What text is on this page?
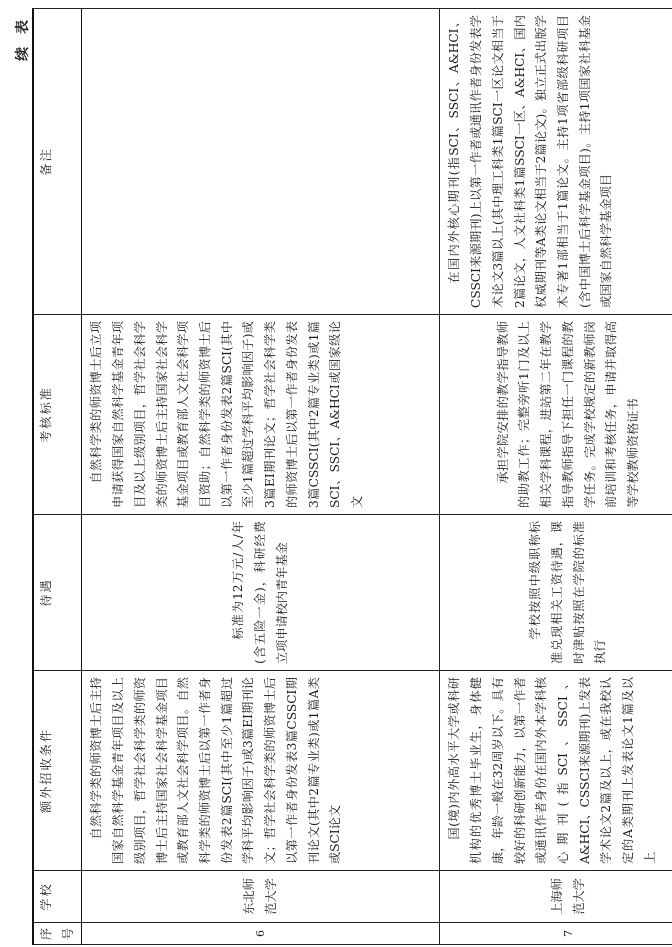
续 表
序号	学校	额外招收条件	待遇	考核标准	备注
6	东北师范大学	自然科学类的师资博士后主持国家自然科学基金青年项目及以上级别项目，哲学社会科学类的师资博士后主持国家社会科学基金项目或教育部人文社会科学项目。自然科学类的师资博士后以第一作者身份发表2篇SCI(其中至少1篇超过学科平均影响因子)或3篇EI期刊论文；哲学社会科学类的师资博士后以第一作者身份发表3篇CSSCI期刊论文(其中2篇专业类)或1篇A类或SCI论文	标准为12万元/人/年(含五险一金)，科研经费立项申请校内青年基金	自然科学类的师资博士后立项申请获得国家自然科学基金青年项目及以上级别项目，哲学社会科学类的师资博士后主持国家社会科学基金项目或教育部人文社会科学项目资助；自然科学类的师资博士后以第一作者身份发表2篇SCI(其中至少1篇超过学科平均影响因子)或3篇EI期刊论文；哲学社会科学类的师资博士后以第一作者身份发表3篇CSSCI(其中2篇专业类)或1篇SCI、SSCI、A&HCI或国家级论文	

7	上海师范大学	国(境)内外高水平大学或科研机构的优秀博士毕业生，身体健康，年龄一般在32周岁以下。具有较好的科研创新能力，以第一作者或通讯作者身份在国内外本学科核心期刊(指SCI、SSCI、A&HCI、CSSCI来源期刊)上发表学术论文2篇及以上，或在我校认定的A类期刊上发表论文1篇及以上	学校按照中级职称标准兑现相关工资待遇，课时津贴按照在学院的标准执行	承担学院安排的教学指导教师的助教工作；完整旁听1门及以上相关学科课程，进站第二年在教学指导教师指导下担任一门课程的教学任务。完成学校规定的新教师岗前培训和考核任务，申请并取得高等学校教师资格证书	在国内外核心期刊(指SCI、SSCI、A&HCI、CSSCI来源期刊)上以第一作者或通讯作者身份发表学术论文3篇以上(其中理工科类1篇SCI一区论文相当于2篇论文，人文社科类1篇SSCI一区、A&HCI、国内权威期刊等A类论文相当于2篇论文)。独立正式出版学术专著1部相当于1篇论文。主持1项省部级科研项目(含中国博士后科学基金项目)。主持1项国家社科基金或国家自然科学基金项目
